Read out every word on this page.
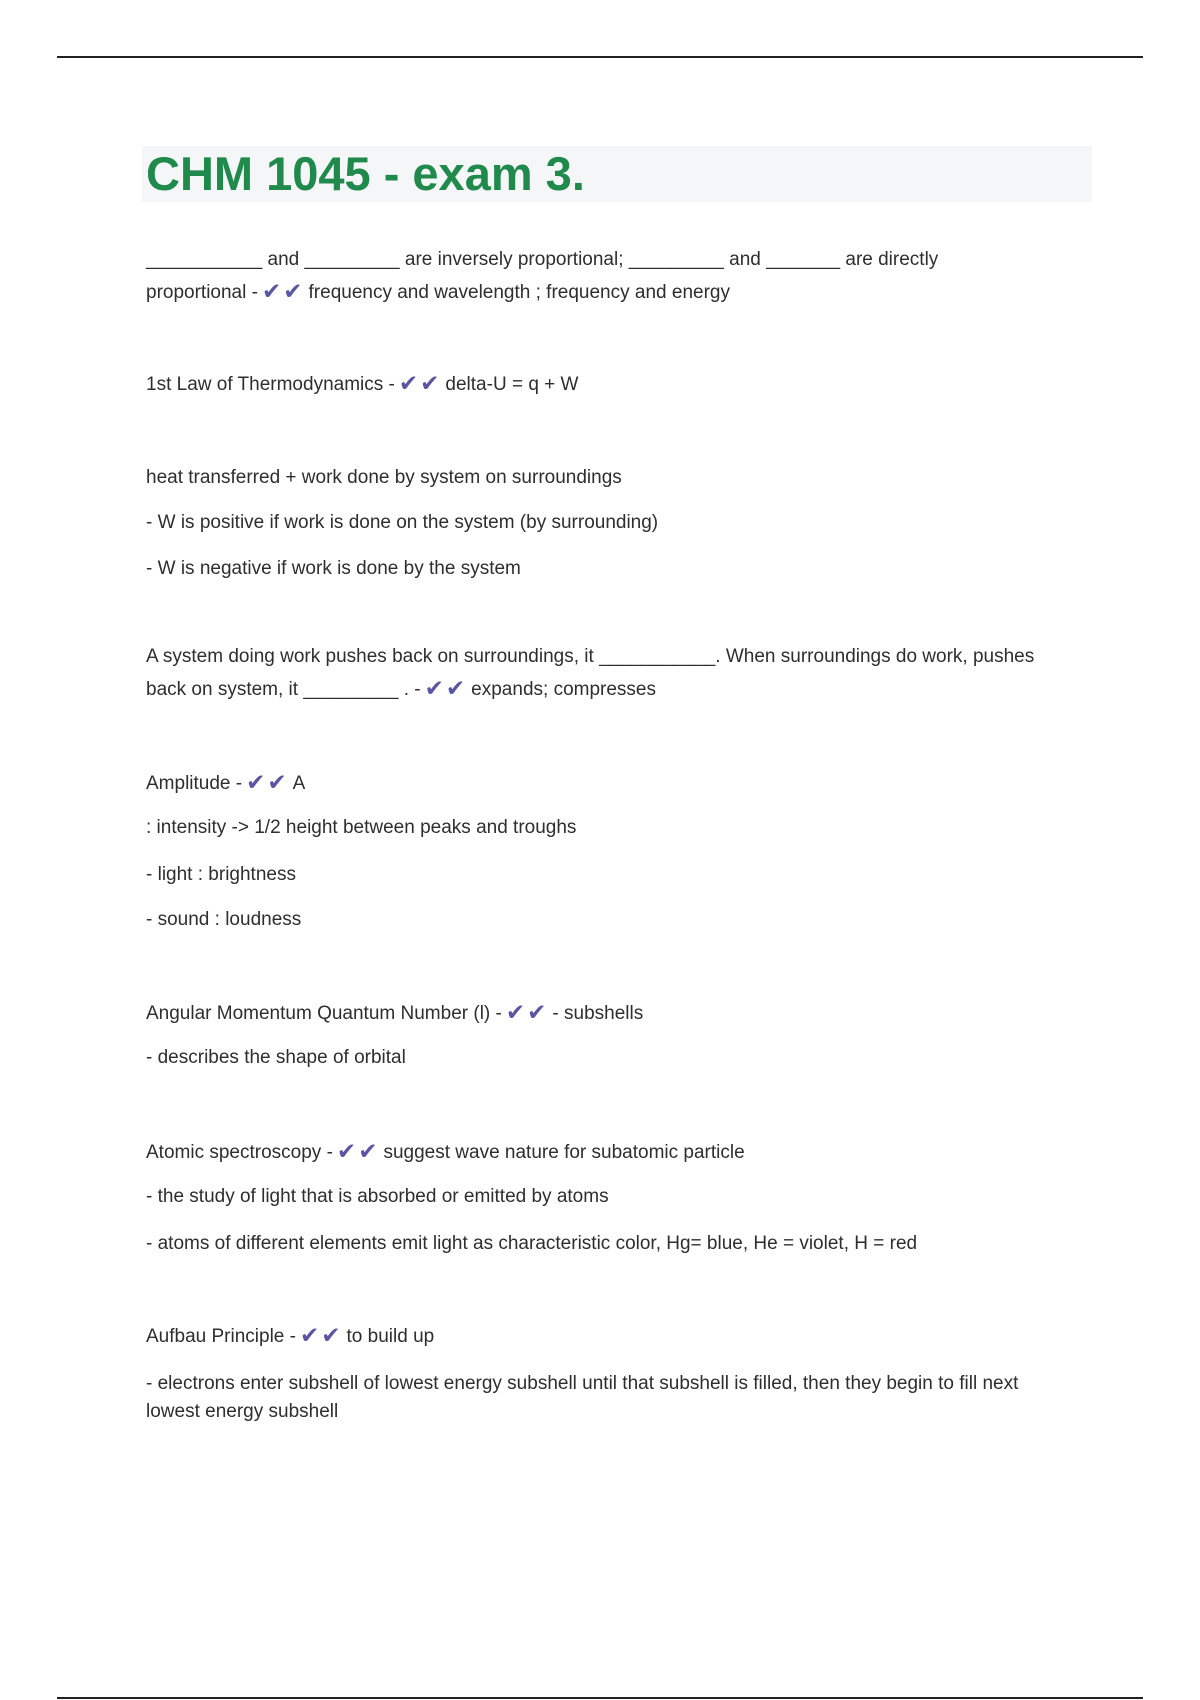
CHM 1045 - exam 3.
___________ and _________ are inversely proportional; _________ and _______ are directly
proportional - ✔✔ frequency and wavelength ; frequency and energy
1st Law of Thermodynamics - ✔✔ delta-U = q + W
heat transferred + work done by system on surroundings
- W is positive if work is done on the system (by surrounding)
- W is negative if work is done by the system
A system doing work pushes back on surroundings, it ___________. When surroundings do work, pushes
back on system, it _________ . - ✔✔ expands; compresses
Amplitude - ✔✔ A
: intensity -> 1/2 height between peaks and troughs
- light : brightness
- sound : loudness
Angular Momentum Quantum Number (l) - ✔✔ - subshells
- describes the shape of orbital
Atomic spectroscopy - ✔✔ suggest wave nature for subatomic particle
- the study of light that is absorbed or emitted by atoms
- atoms of different elements emit light as characteristic color, Hg= blue, He = violet, H = red
Aufbau Principle - ✔✔ to build up
- electrons enter subshell of lowest energy subshell until that subshell is filled, then they begin to fill next
lowest energy subshell
